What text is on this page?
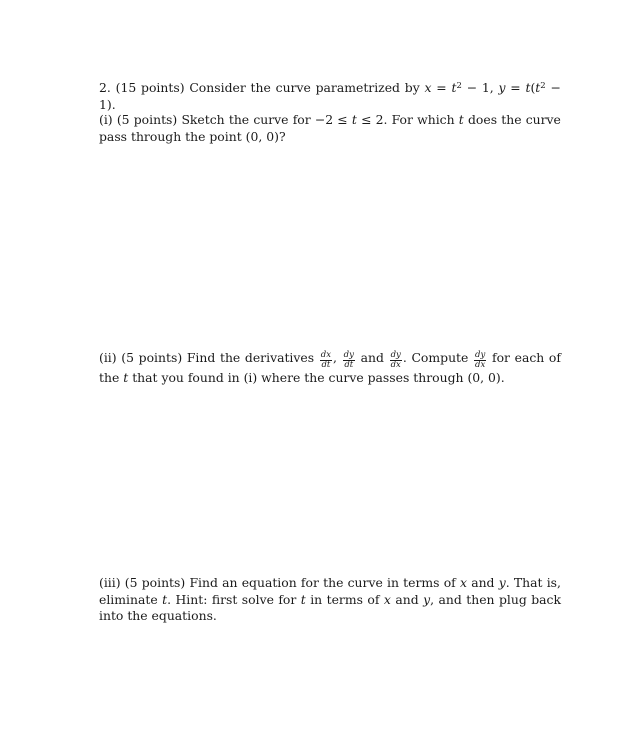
2. (15 points) Consider the curve parametrized by $x = t^2 - 1$, $y = t(t^2 - 1)$.
(i) (5 points) Sketch the curve for −2 ≤ t ≤ 2. For which t does the curve pass through the point (0, 0)?
(ii) (5 points) Find the derivatives $\frac{dx}{dt}$ , $\frac{dy}{dt}$ and $\frac{dy}{dx}$ . Compute $\frac{dy}{dx}$ for each of the t that you found in (i) where the curve passes through (0, 0).
(iii) (5 points) Find an equation for the curve in terms of x and y. That is, eliminate t. Hint: first solve for t in terms of x and y, and then plug back into the equations.
